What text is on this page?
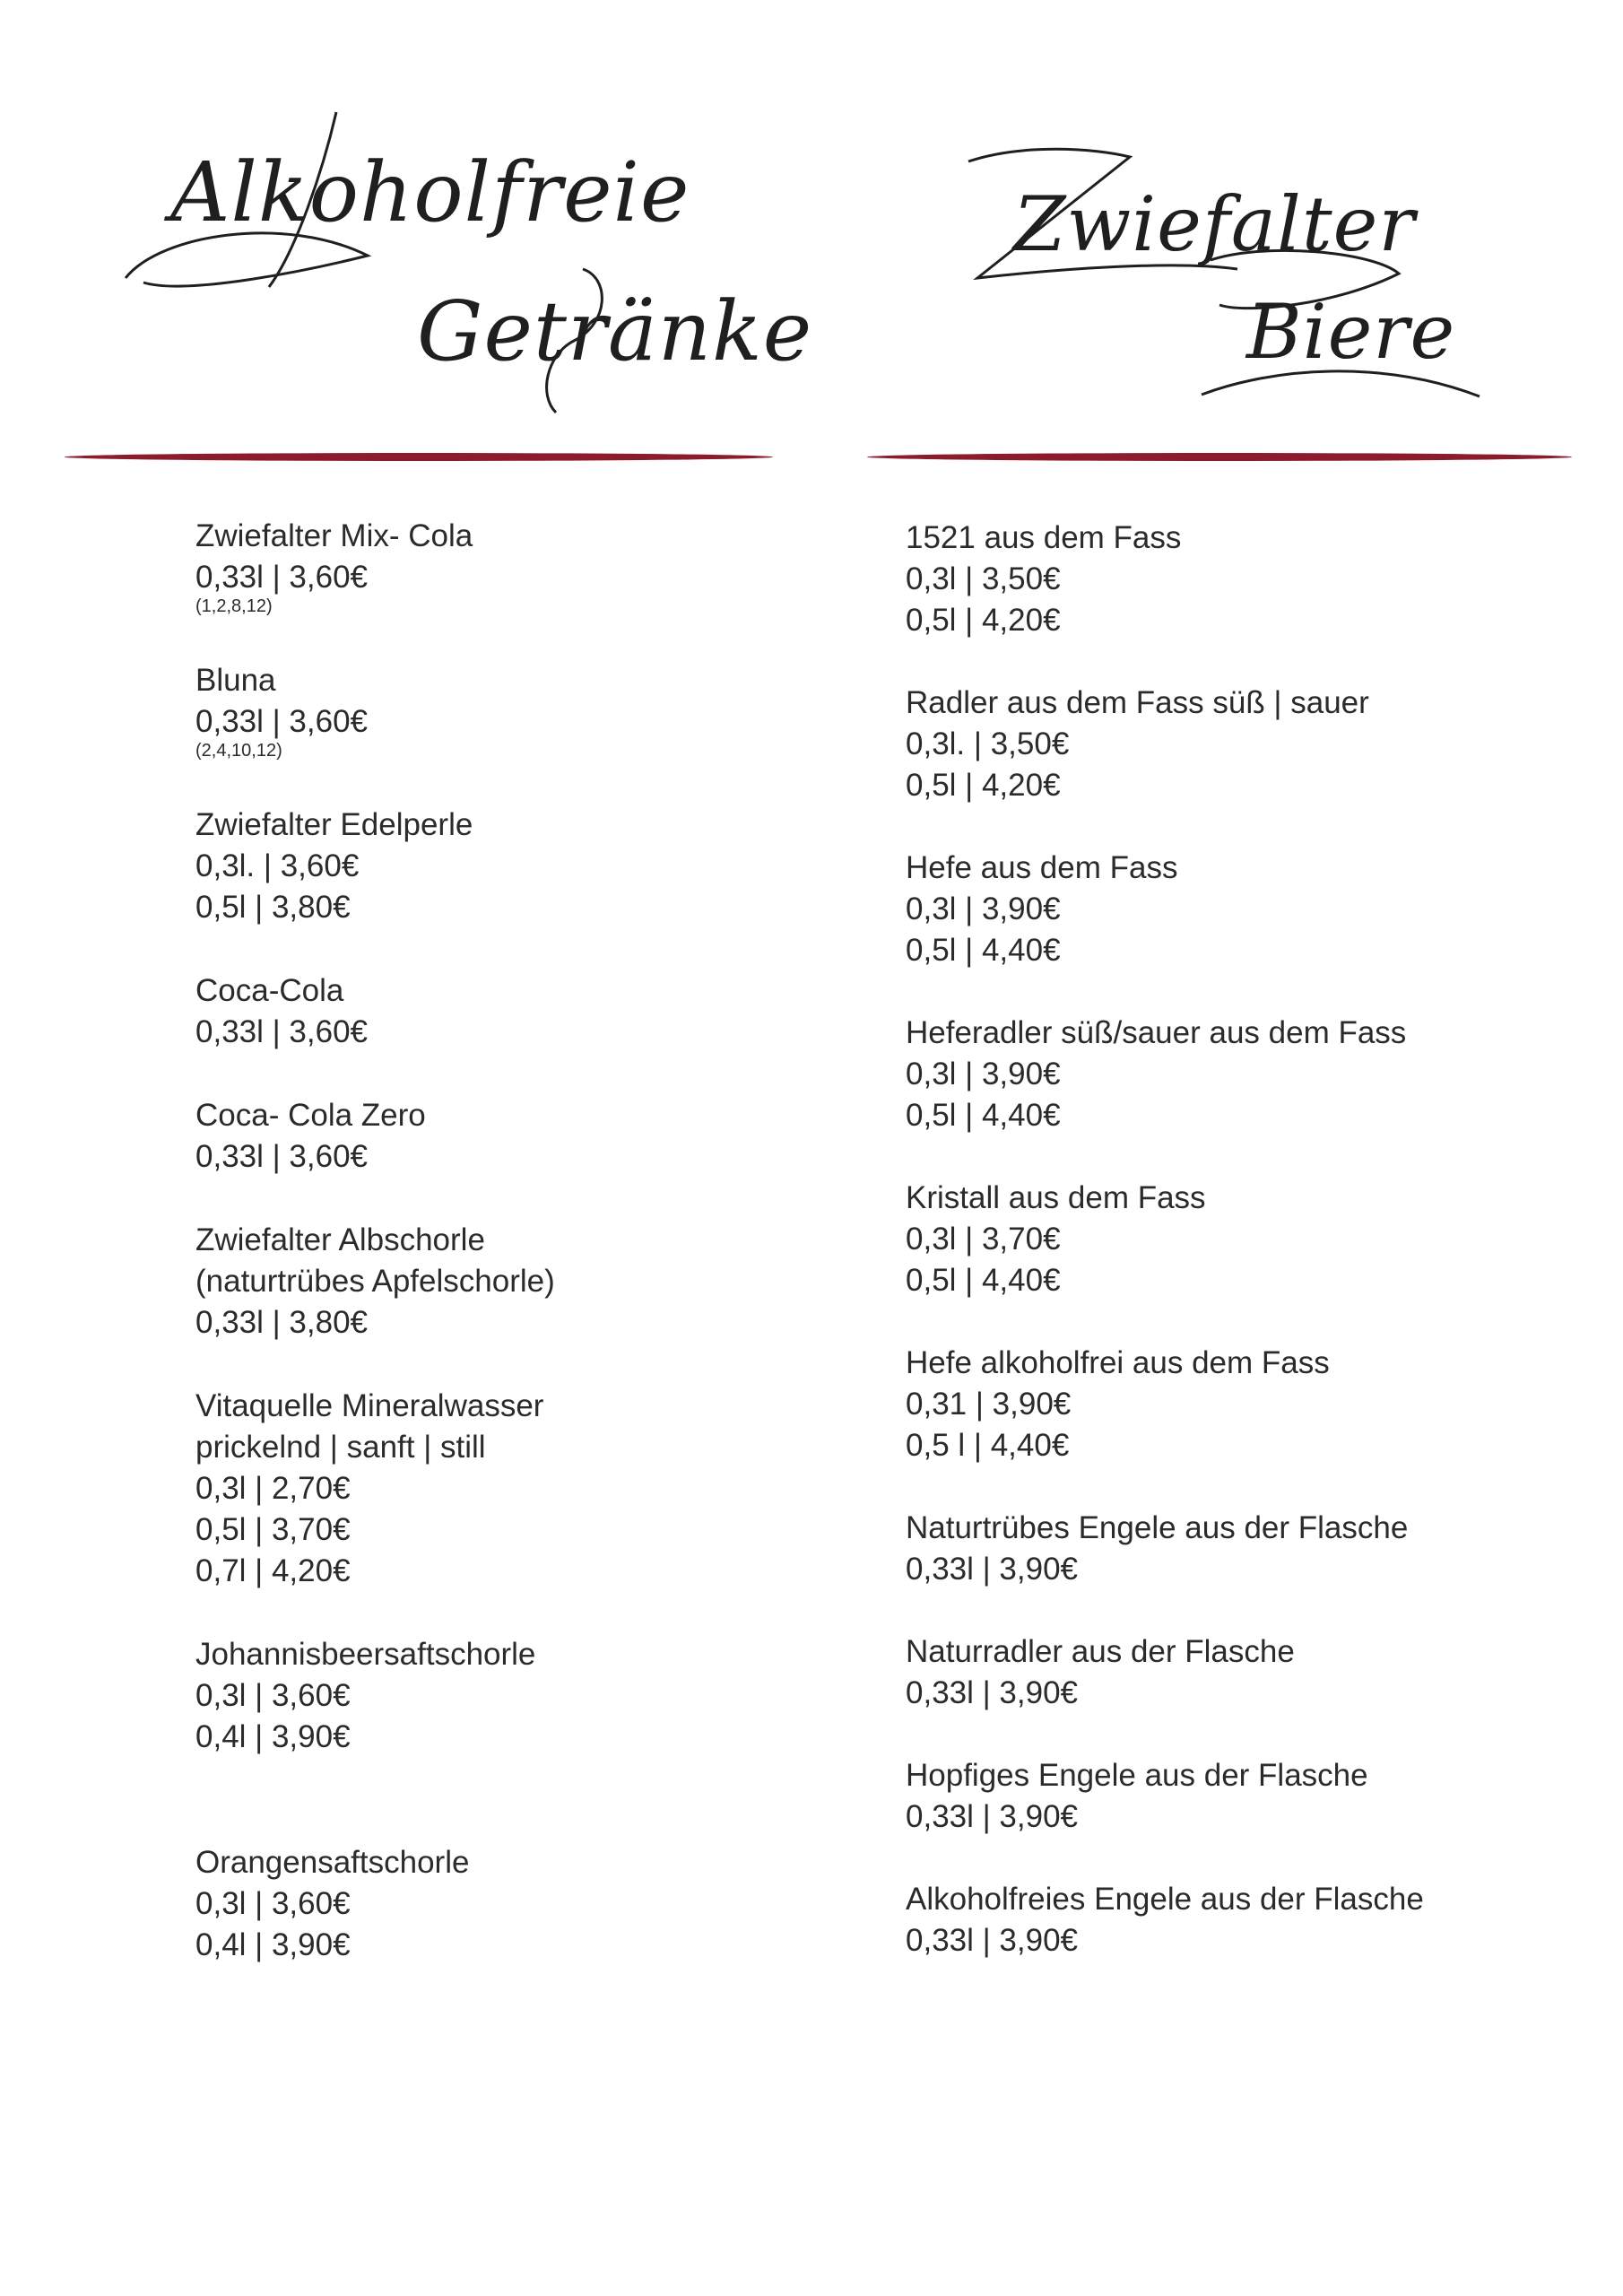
Alkoholfreie
Getränke
Zwiefalter
Biere
Zwiefalter Mix- Cola
0,33l | 3,60€
(1,2,8,12)
Bluna
0,33l | 3,60€
(2,4,10,12)
Zwiefalter Edelperle
0,3l. | 3,60€
0,5l | 3,80€
Coca-Cola
0,33l | 3,60€
Coca- Cola Zero
0,33l | 3,60€
Zwiefalter Albschorle
(naturtrübes Apfelschorle)
0,33l | 3,80€
Vitaquelle Mineralwasser
prickelnd | sanft | still
0,3l | 2,70€
0,5l | 3,70€
0,7l | 4,20€
Johannisbeersaftschorle
0,3l | 3,60€
0,4l | 3,90€
Orangensaftschorle
0,3l | 3,60€
0,4l | 3,90€
1521 aus dem Fass
0,3l | 3,50€
0,5l | 4,20€
Radler aus dem Fass süß | sauer
0,3l. | 3,50€
0,5l | 4,20€
Hefe aus dem Fass
0,3l | 3,90€
0,5l | 4,40€
Heferadler süß/sauer aus dem Fass
0,3l | 3,90€
0,5l | 4,40€
Kristall aus dem Fass
0,3l | 3,70€
0,5l | 4,40€
Hefe alkoholfrei aus dem Fass
0,31 | 3,90€
0,5 l | 4,40€
Naturtrübes Engele aus der Flasche
0,33l | 3,90€
Naturradler aus der Flasche
0,33l | 3,90€
Hopfiges Engele aus der Flasche
0,33l | 3,90€
Alkoholfreies Engele aus der Flasche
0,33l | 3,90€
